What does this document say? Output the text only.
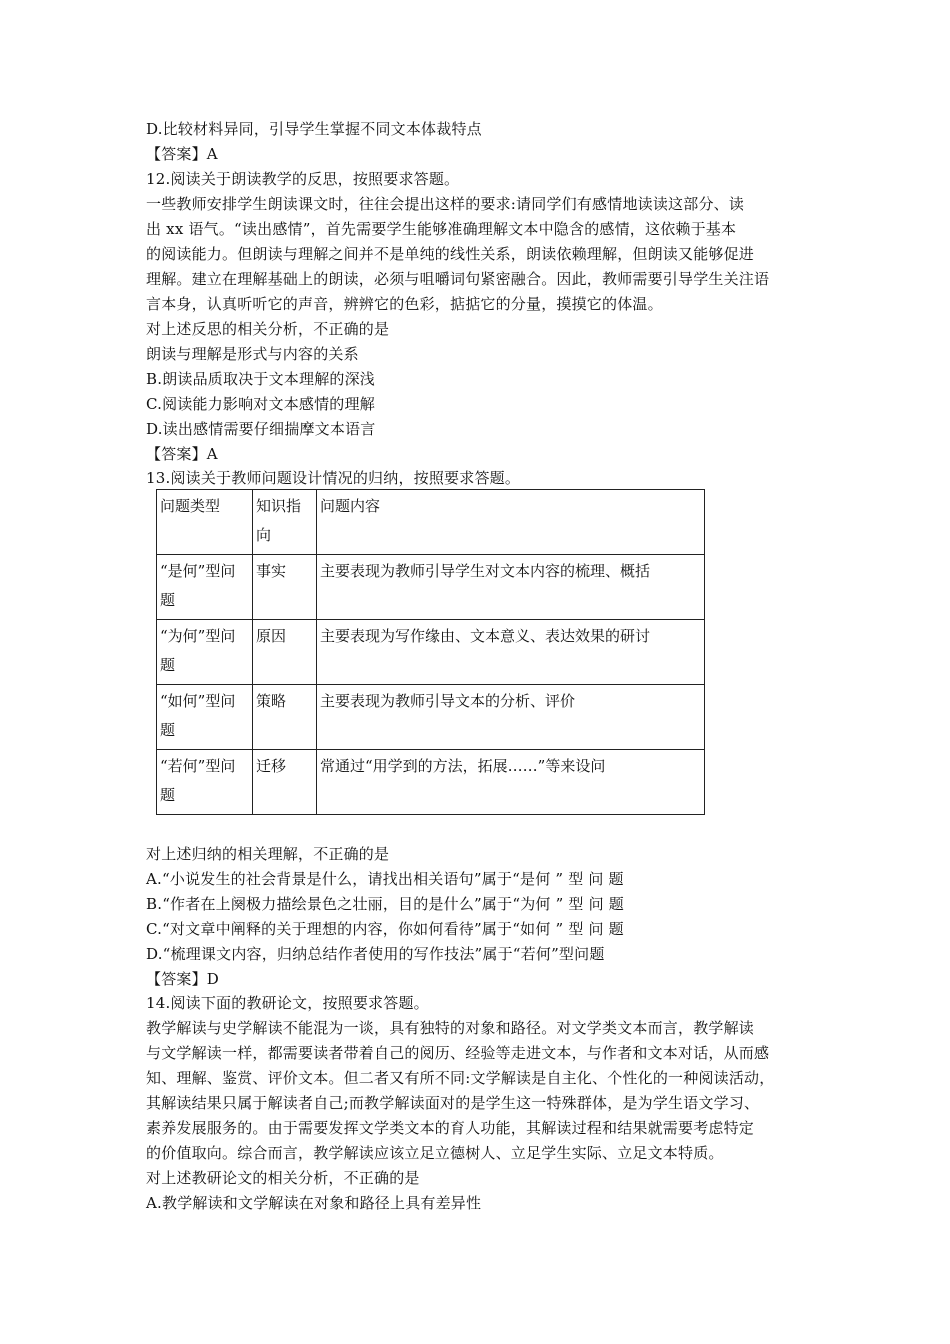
D.比较材料异同，引导学生掌握不同文本体裁特点
【答案】A
12.阅读关于朗读教学的反思，按照要求答题。
一些教师安排学生朗读课文时，往往会提出这样的要求:请同学们有感情地读读这部分、读
出 xx 语气。“读出感情”，首先需要学生能够准确理解文本中隐含的感情，这依赖于基本
的阅读能力。但朗读与理解之间并不是单纯的线性关系，朗读依赖理解，但朗读又能够促进
理解。建立在理解基础上的朗读，必须与咀嚼词句紧密融合。因此，教师需要引导学生关注语
言本身，认真听听它的声音，辨辨它的色彩，掂掂它的分量，摸摸它的体温。
对上述反思的相关分析，不正确的是
朗读与理解是形式与内容的关系
B.朗读品质取决于文本理解的深浅
C.阅读能力影响对文本感情的理解
D.读出感情需要仔细揣摩文本语言
【答案】A
13.阅读关于教师问题设计情况的归纳，按照要求答题。
问题类型	知识指向	问题内容
“是何”型问题	事实	主要表现为教师引导学生对文本内容的梳理、概括
“为何”型问题	原因	主要表现为写作缘由、文本意义、表达效果的研讨
“如何”型问题	策略	主要表现为教师引导文本的分析、评价
“若何”型问题	迁移	常通过“用学到的方法，拓展……”等来设问
对上述归纳的相关理解，不正确的是
A.“小说发生的社会背景是什么，请找出相关语句”属于“是何 ” 型 问 题
B.“作者在上阕极力描绘景色之壮丽，目的是什么”属于“为何 ” 型 问 题
C.“对文章中阐释的关于理想的内容，你如何看待”属于“如何 ” 型 问 题
D.“梳理课文内容，归纳总结作者使用的写作技法”属于“若何”型问题
【答案】D
14.阅读下面的教研论文，按照要求答题。
教学解读与史学解读不能混为一谈，具有独特的对象和路径。对文学类文本而言，教学解读
与文学解读一样，都需要读者带着自己的阅历、经验等走进文本，与作者和文本对话，从而感
知、理解、鉴赏、评价文本。但二者又有所不同:文学解读是自主化、个性化的一种阅读活动，
其解读结果只属于解读者自己;而教学解读面对的是学生这一特殊群体，是为学生语文学习、
素养发展服务的。由于需要发挥文学类文本的育人功能，其解读过程和结果就需要考虑特定
的价值取向。综合而言，教学解读应该立足立德树人、立足学生实际、立足文本特质。
对上述教研论文的相关分析，不正确的是
A.教学解读和文学解读在对象和路径上具有差异性
